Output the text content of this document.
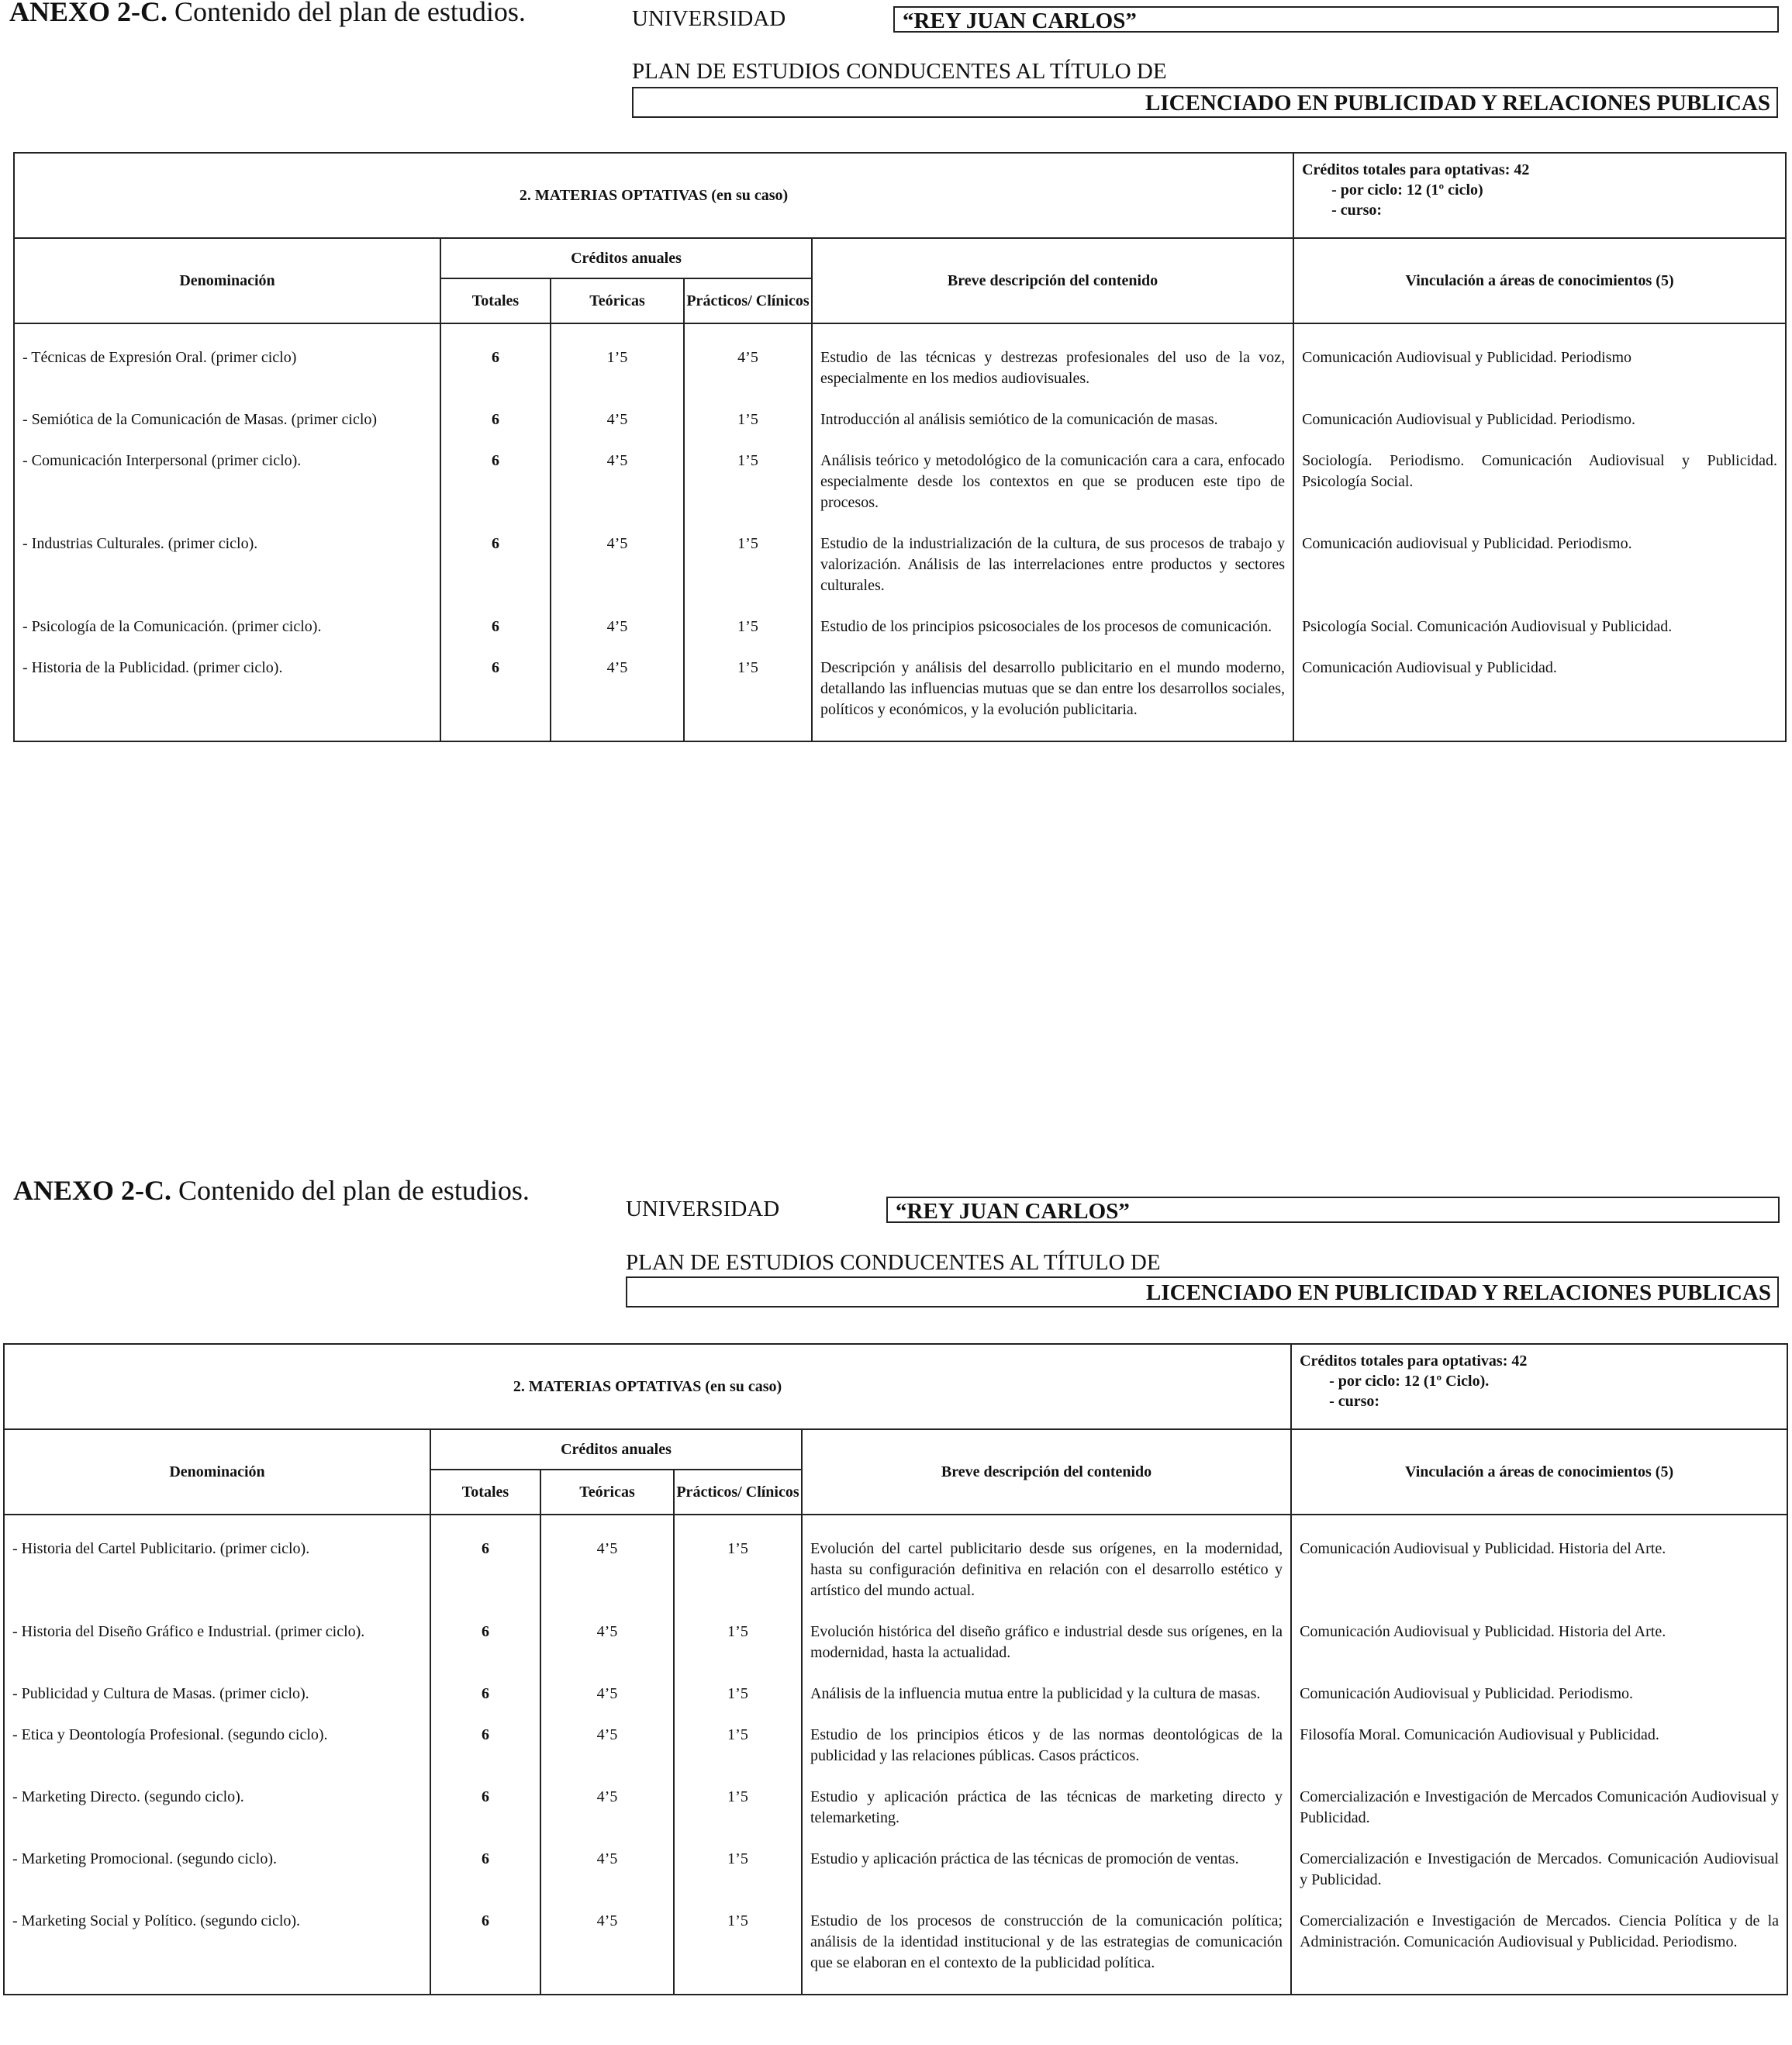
ANEXO 2-C. Contenido del plan de estudios.	UNIVERSIDAD	“REY JUAN CARLOS”
PLAN DE ESTUDIOS CONDUCENTES AL TÍTULO DE
LICENCIADO EN PUBLICIDAD Y RELACIONES PUBLICAS
2. MATERIAS OPTATIVAS (en su caso)					Créditos totales para optativas: 42
- por ciclo: 12 (1º ciclo)
- curso:

Denominación	Créditos anuales			Breve descripción del contenido	Vinculación a áreas de conocimientos (5)
	Totales	Teóricas	Prácticos/ Clínicos		
- Técnicas de Expresión Oral. (primer ciclo)	6	1’5	4’5	Estudio de las técnicas y destrezas profesionales del uso de la voz, especialmente en los medios audiovisuales.	Comunicación Audiovisual y Publicidad. Periodismo
- Semiótica de la Comunicación de Masas. (primer ciclo)	6	4’5	1’5	Introducción al análisis semiótico de la comunicación de masas.	Comunicación Audiovisual y Publicidad. Periodismo.
- Comunicación Interpersonal (primer ciclo).	6	4’5	1’5	Análisis teórico y metodológico de la comunicación cara a cara, enfocado especialmente desde los contextos en que se producen este tipo de procesos.	Sociología. Periodismo. Comunicación Audiovisual y Publicidad. Psicología Social.
- Industrias Culturales. (primer ciclo).	6	4’5	1’5	Estudio de la industrialización de la cultura, de sus procesos de trabajo y valorización. Análisis de las interrelaciones entre productos y sectores culturales.	Comunicación audiovisual y Publicidad. Periodismo.
- Psicología de la Comunicación. (primer ciclo).	6	4’5	1’5	Estudio de los principios psicosociales de los procesos de comunicación.	Psicología Social. Comunicación Audiovisual y Publicidad.
- Historia de la Publicidad. (primer ciclo).	6	4’5	1’5	Descripción y análisis del desarrollo publicitario en el mundo moderno, detallando las influencias mutuas que se dan entre los desarrollos sociales, políticos y económicos, y la evolución publicitaria.	Comunicación Audiovisual y Publicidad.
ANEXO 2-C. Contenido del plan de estudios.
UNIVERSIDAD	“REY JUAN CARLOS”
PLAN DE ESTUDIOS CONDUCENTES AL TÍTULO DE
LICENCIADO EN PUBLICIDAD Y RELACIONES PUBLICAS
2. MATERIAS OPTATIVAS (en su caso)					Créditos totales para optativas: 42
- por ciclo: 12 (1º Ciclo).
- curso:

Denominación	Créditos anuales			Breve descripción del contenido	Vinculación a áreas de conocimientos (5)
	Totales	Teóricas	Prácticos/ Clínicos		
- Historia del Cartel Publicitario. (primer ciclo).	6	4’5	1’5	Evolución del cartel publicitario desde sus orígenes, en la modernidad, hasta su configuración definitiva en relación con el desarrollo estético y artístico del mundo actual.	Comunicación Audiovisual y Publicidad. Historia del Arte.
- Historia del Diseño Gráfico e Industrial. (primer ciclo).	6	4’5	1’5	Evolución histórica del diseño gráfico e industrial desde sus orígenes, en la modernidad, hasta la actualidad.	Comunicación Audiovisual y Publicidad. Historia del Arte.
- Publicidad y Cultura de Masas. (primer ciclo).	6	4’5	1’5	Análisis de la influencia mutua entre la publicidad y la cultura de masas.	Comunicación Audiovisual y Publicidad. Periodismo.
- Etica y Deontología Profesional. (segundo ciclo).	6	4’5	1’5	Estudio de los principios éticos y de las normas deontológicas de la publicidad y las relaciones públicas. Casos prácticos.	Filosofía Moral. Comunicación Audiovisual y Publicidad.
- Marketing Directo. (segundo ciclo).	6	4’5	1’5	Estudio y aplicación práctica de las técnicas de marketing directo y telemarketing.	Comercialización e Investigación de Mercados Comunicación Audiovisual y Publicidad.
- Marketing Promocional. (segundo ciclo).	6	4’5	1’5	Estudio y aplicación práctica de las técnicas de promoción de ventas.	Comercialización e Investigación de Mercados. Comunicación Audiovisual y Publicidad.
- Marketing Social y Político. (segundo ciclo).	6	4’5	1’5	Estudio de los procesos de construcción de la comunicación política; análisis de la identidad institucional y de las estrategias de comunicación que se elaboran en el contexto de la publicidad política.	Comercialización e Investigación de Mercados. Ciencia Política y de la Administración. Comunicación Audiovisual y Publicidad. Periodismo.
